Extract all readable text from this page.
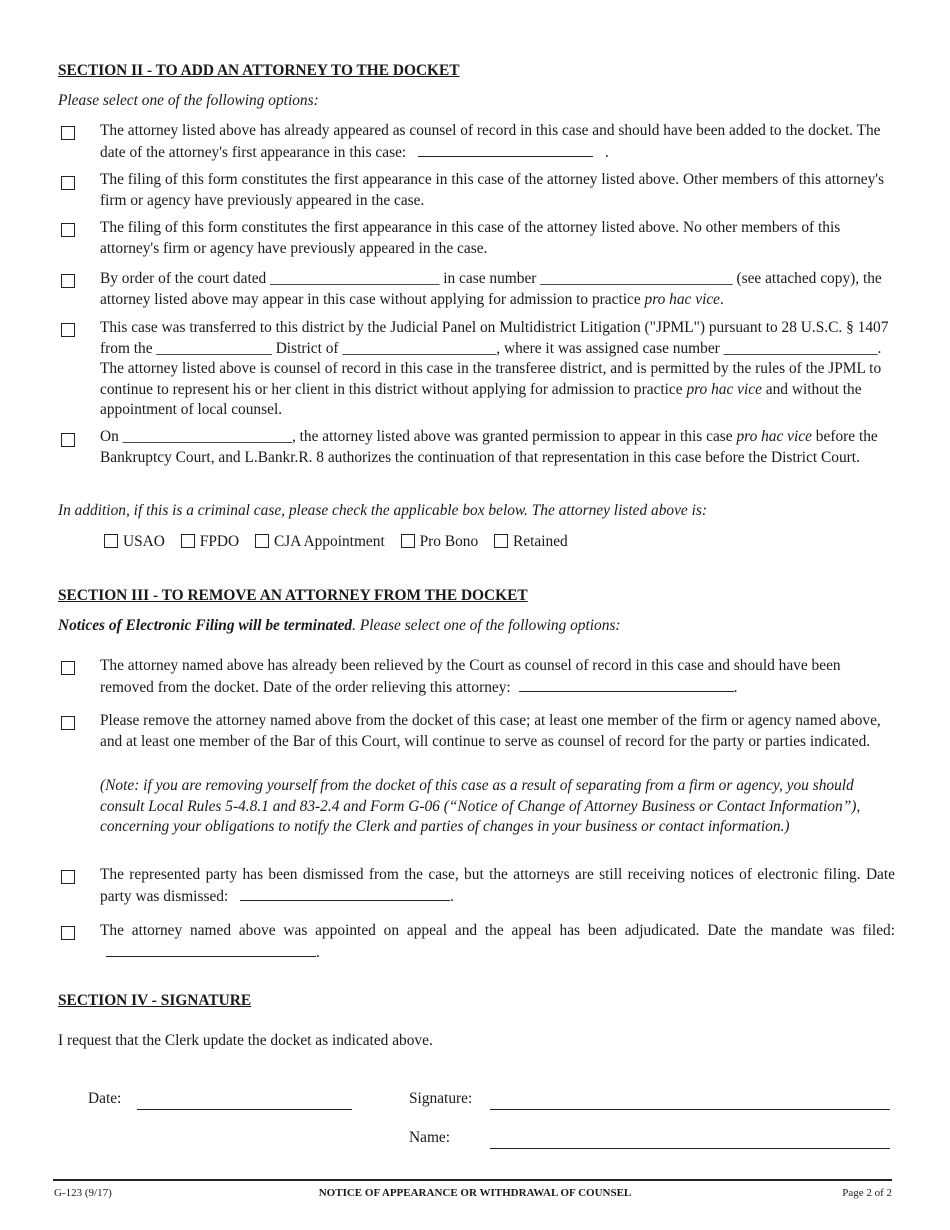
SECTION II - TO ADD AN ATTORNEY TO THE DOCKET
Please select one of the following options:
The attorney listed above has already appeared as counsel of record in this case and should have been added to the docket. The date of the attorney's first appearance in this case:	.
The filing of this form constitutes the first appearance in this case of the attorney listed above. Other members of this attorney's firm or agency have previously appeared in the case.
The filing of this form constitutes the first appearance in this case of the attorney listed above. No other members of this attorney's firm or agency have previously appeared in the case.
By order of the court dated ______________________ in case number _________________________ (see attached copy), the attorney listed above may appear in this case without applying for admission to practice pro hac vice.
This case was transferred to this district by the Judicial Panel on Multidistrict Litigation ("JPML") pursuant to 28 U.S.C. § 1407 from the _______________ District of ____________________, where it was assigned case number ____________________. The attorney listed above is counsel of record in this case in the transferee district, and is permitted by the rules of the JPML to continue to represent his or her client in this district without applying for admission to practice pro hac vice and without the appointment of local counsel.
On ______________________, the attorney listed above was granted permission to appear in this case pro hac vice before the Bankruptcy Court, and L.Bankr.R. 8 authorizes the continuation of that representation in this case before the District Court.
In addition, if this is a criminal case, please check the applicable box below. The attorney listed above is:
USAO FPDO CJA Appointment Pro Bono Retained
SECTION III - TO REMOVE AN ATTORNEY FROM THE DOCKET
Notices of Electronic Filing will be terminated. Please select one of the following options:
The attorney named above has already been relieved by the Court as counsel of record in this case and should have been removed from the docket. Date of the order relieving this attorney:	.
Please remove the attorney named above from the docket of this case; at least one member of the firm or agency named above, and at least one member of the Bar of this Court, will continue to serve as counsel of record for the party or parties indicated.
(Note: if you are removing yourself from the docket of this case as a result of separating from a firm or agency, you should consult Local Rules 5-4.8.1 and 83-2.4 and Form G-06 (“Notice of Change of Attorney Business or Contact Information”), concerning your obligations to notify the Clerk and parties of changes in your business or contact information.)
The represented party has been dismissed from the case, but the attorneys are still receiving notices of electronic filing. Date party was dismissed:	.
The attorney named above was appointed on appeal and the appeal has been adjudicated. Date the mandate was filed: .
SECTION IV - SIGNATURE
I request that the Clerk update the docket as indicated above.
Date:	Signature:
Name:
G-123 (9/17)	NOTICE OF APPEARANCE OR WITHDRAWAL OF COUNSEL	Page 2 of 2
